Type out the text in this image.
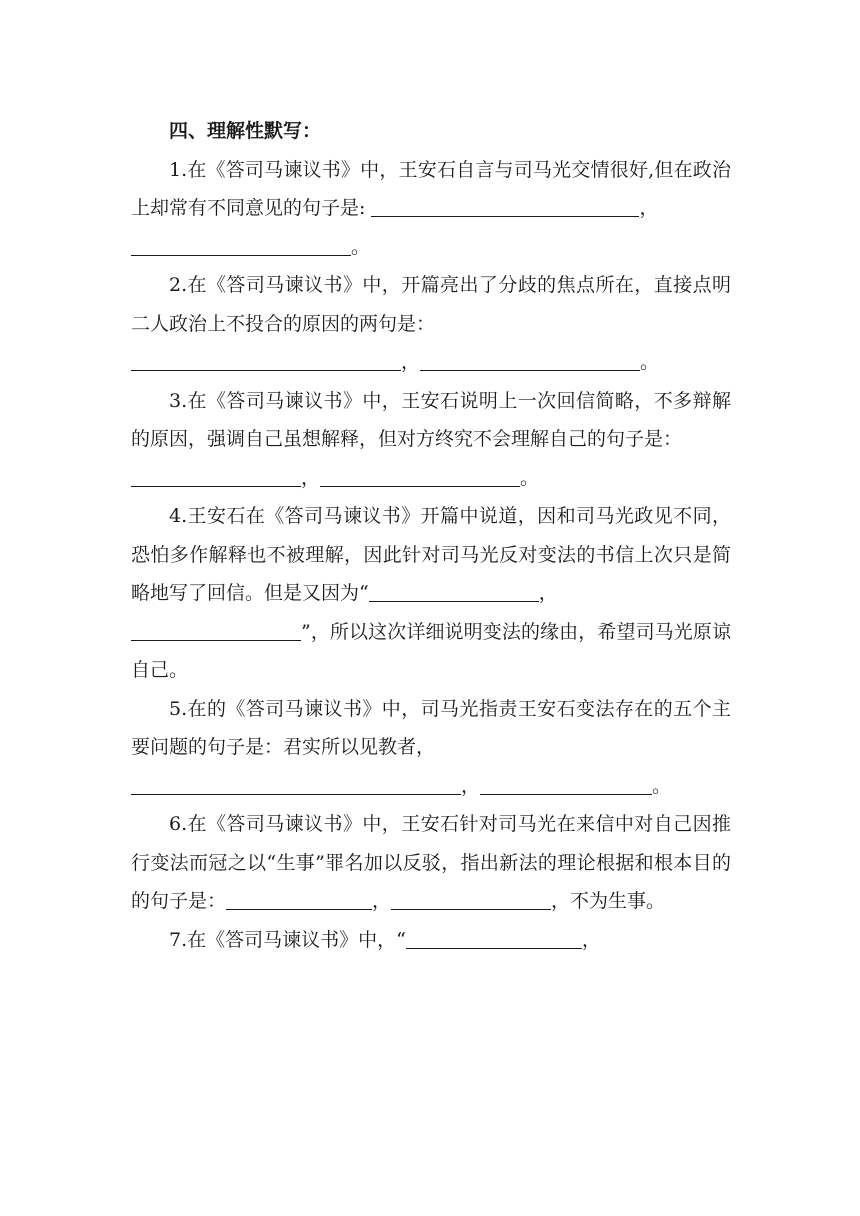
四、理解性默写：

1.在《答司马谏议书》中，王安石自言与司马光交情很好,但在政治上却常有不同意见的句子是:	，
。

2.在《答司马谏议书》中，开篇亮出了分歧的焦点所在，直接点明二人政治上不投合的原因的两句是：
，	。

3.在《答司马谏议书》中，王安石说明上一次回信简略，不多辩解的原因，强调自己虽想解释，但对方终究不会理解自己的句子是：
，	。

4.王安石在《答司马谏议书》开篇中说道，因和司马光政见不同，恐怕多作解释也不被理解，因此针对司马光反对变法的书信上次只是简略地写了回信。但是又因为“	，
”，所以这次详细说明变法的缘由，希望司马光原谅自己。

5.在的《答司马谏议书》中，司马光指责王安石变法存在的五个主要问题的句子是：君实所以见教者，
，	。

6.在《答司马谏议书》中，王安石针对司马光在来信中对自己因推行变法而冠之以“生事”罪名加以反驳，指出新法的理论根据和根本目的的句子是：	，	，不为生事。

7.在《答司马谏议书》中，“	，
